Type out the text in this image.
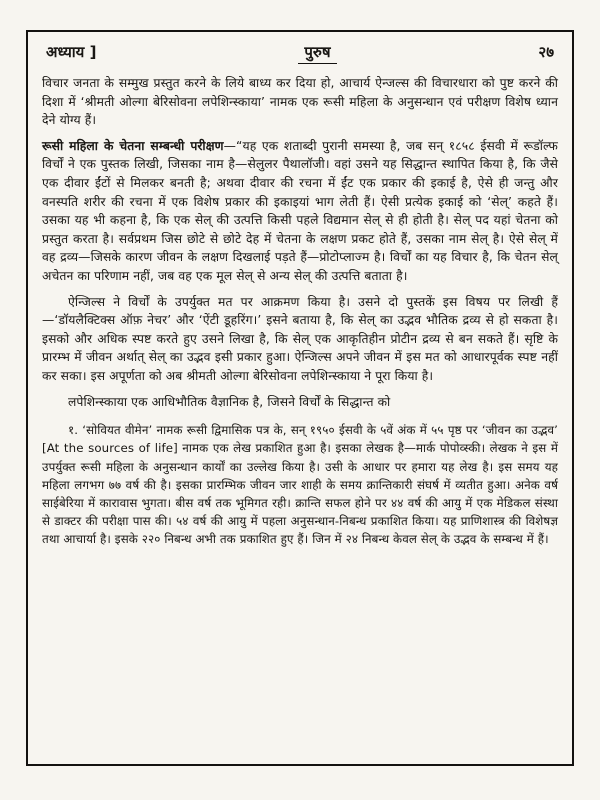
अध्याय ]	पुरुष	२७

विचार जनता के सम्मुख प्रस्तुत करने के लिये बाध्य कर दिया हो, आचार्य ऐन्जल्स की विचारधारा को पुष्ट करने की दिशा में ‘श्रीमती ओल्गा बेरिसोवना लपेशिन्स्काया’ नामक एक रूसी महिला के अनुसन्धान एवं परीक्षण विशेष ध्यान देने योग्य हैं।

रूसी महिला के चेतना सम्बन्धी परीक्षण—“यह एक शताब्दी पुरानी समस्या है, जब सन् १८५८ ईसवी में रूडॉल्फ विर्चों ने एक पुस्तक लिखी, जिसका नाम है—सेलुलर पैथालॉजी। वहां उसने यह सिद्धान्त स्थापित किया है, कि जैसे एक दीवार ईंटों से मिलकर बनती है; अथवा दीवार की रचना में ईंट एक प्रकार की इकाई है, ऐसे ही जन्तु और वनस्पति शरीर की रचना में एक विशेष प्रकार की इकाइयां भाग लेती हैं। ऐसी प्रत्येक इकाई को ‘सेल्’ कहते हैं। उसका यह भी कहना है, कि एक सेल् की उत्पत्ति किसी पहले विद्यमान सेल् से ही होती है। सेल् पद यहां चेतना को प्रस्तुत करता है। सर्वप्रथम जिस छोटे से छोटे देह में चेतना के लक्षण प्रकट होते हैं, उसका नाम सेल् है। ऐसे सेल् में वह द्रव्य—जिसके कारण जीवन के लक्षण दिखलाई पड़ते हैं—प्रोटोप्लाज्म है। विर्चों का यह विचार है, कि चेतन सेल् अचेतन का परिणाम नहीं, जब वह एक मूल सेल् से अन्य सेल् की उत्पत्ति बताता है।

ऐन्जिल्स ने विर्चों के उपर्युक्त मत पर आक्रमण किया है। उसने दो पुस्तकें इस विषय पर लिखी हैं—‘डॉयलैक्टिक्स ऑफ़ नेचर’ और ‘ऐंटी डूहरिंग।’ इसने बताया है, कि सेल् का उद्भव भौतिक द्रव्य से हो सकता है। इसको और अधिक स्पष्ट करते हुए उसने लिखा है, कि सेल् एक आकृतिहीन प्रोटीन द्रव्य से बन सकते हैं। सृष्टि के प्रारम्भ में जीवन अर्थात् सेल् का उद्भव इसी प्रकार हुआ। ऐन्जिल्स अपने जीवन में इस मत को आधारपूर्वक स्पष्ट नहीं कर सका। इस अपूर्णता को अब श्रीमती ओल्गा बेरिसोवना लपेशिन्स्काया ने पूरा किया है।

लपेशिन्स्काया एक आधिभौतिक वैज्ञानिक है, जिसने विर्चों के सिद्धान्त को

१. ‘सोवियत वीमेन’ नामक रूसी द्विमासिक पत्र के, सन् १९५० ईसवी के ५वें अंक में ५५ पृष्ठ पर ‘जीवन का उद्भव’ [At the sources of life] नामक एक लेख प्रकाशित हुआ है। इसका लेखक है—मार्क पोपोव्स्की। लेखक ने इस में उपर्युक्त रूसी महिला के अनुसन्धान कार्यों का उल्लेख किया है। उसी के आधार पर हमारा यह लेख है। इस समय यह महिला लगभग ७७ वर्ष की है। इसका प्रारम्भिक जीवन जार शाही के समय क्रान्तिकारी संघर्ष में व्यतीत हुआ। अनेक वर्ष साईबेरिया में कारावास भुगता। बीस वर्ष तक भूमिगत रही। क्रान्ति सफल होने पर ४४ वर्ष की आयु में एक मेडिकल संस्था से डाक्टर की परीक्षा पास की। ५४ वर्ष की आयु में पहला अनुसन्धान-निबन्ध प्रकाशित किया। यह प्राणिशास्त्र की विशेषज्ञ तथा आचार्या है। इसके २२० निबन्ध अभी तक प्रकाशित हुए हैं। जिन में २४ निबन्ध केवल सेल् के उद्भव के सम्बन्ध में हैं।
